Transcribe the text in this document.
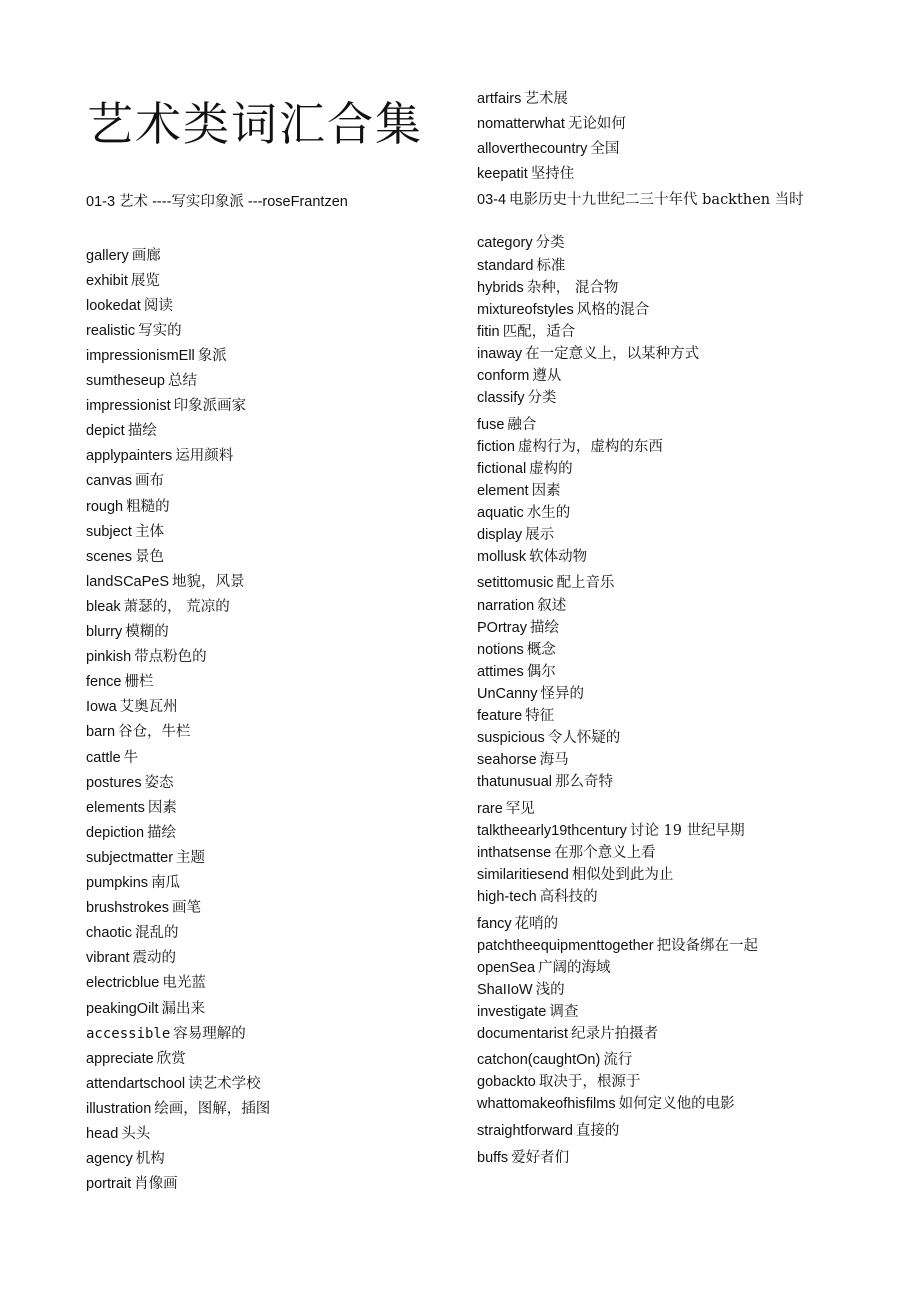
艺术类词汇合集
01-3 艺术 ----写实印象派 ---roseFrantzen
gallery 画廊
exhibit 展览
lookedat 阅读
realistic 写实的
impressionismEll 象派
sumtheseup 总结
impressionist 印象派画家
depict 描绘
applypainters 运用颜料
canvas 画布
rough 粗糙的
subject 主体
scenes 景色
landSCaPeS 地貌，风景
bleak 萧瑟的， 荒凉的
blurry 模糊的
pinkish 带点粉色的
fence 栅栏
Iowa 艾奥瓦州
barn 谷仓，牛栏
cattle 牛
postures 姿态
elements 因素
depiction 描绘
subjectmatter 主题
pumpkins 南瓜
brushstrokes 画笔
chaotic 混乱的
vibrant 震动的
electricblue 电光蓝
peakingOilt 漏出来
accessible 容易理解的
appreciate 欣赏
attendartschool 读艺术学校
illustration 绘画，图解，插图
head 头头
agency 机构
portrait 肖像画
artfairs 艺术展
nomatterwhat 无论如何
alloverthecountry 全国
keepatit 坚持住
03-4 电影历史十九世纪二三十年代 backthen 当时
category 分类
standard 标准
hybrids 杂种， 混合物
mixtureofstyles 风格的混合
fitin 匹配，适合
inaway 在一定意义上，以某种方式
conform 遵从
classify 分类
fuse 融合
fiction 虚构行为，虚构的东西
fictional 虚构的
element 因素
aquatic 水生的
display 展示
mollusk 软体动物
setittomusic 配上音乐
narration 叙述
POrtray 描绘
notions 概念
attimes 偶尔
UnCanny 怪异的
feature 特征
suspicious 令人怀疑的
seahorse 海马
thatunusual 那么奇特
rare 罕见
talktheearly19thcentury 讨论 19 世纪早期
inthatsense 在那个意义上看
similaritiesend 相似处到此为止
high-tech 高科技的
fancy 花哨的
patchtheequipmenttogether 把设备绑在一起
openSea 广阔的海域
ShaIIoW 浅的
investigate 调查
documentarist 纪录片拍摄者
catchon(caughtOn) 流行
gobackto 取决于，根源于
whattomakeofhisfilms 如何定义他的电影
straightforward 直接的
buffs 爱好者们
